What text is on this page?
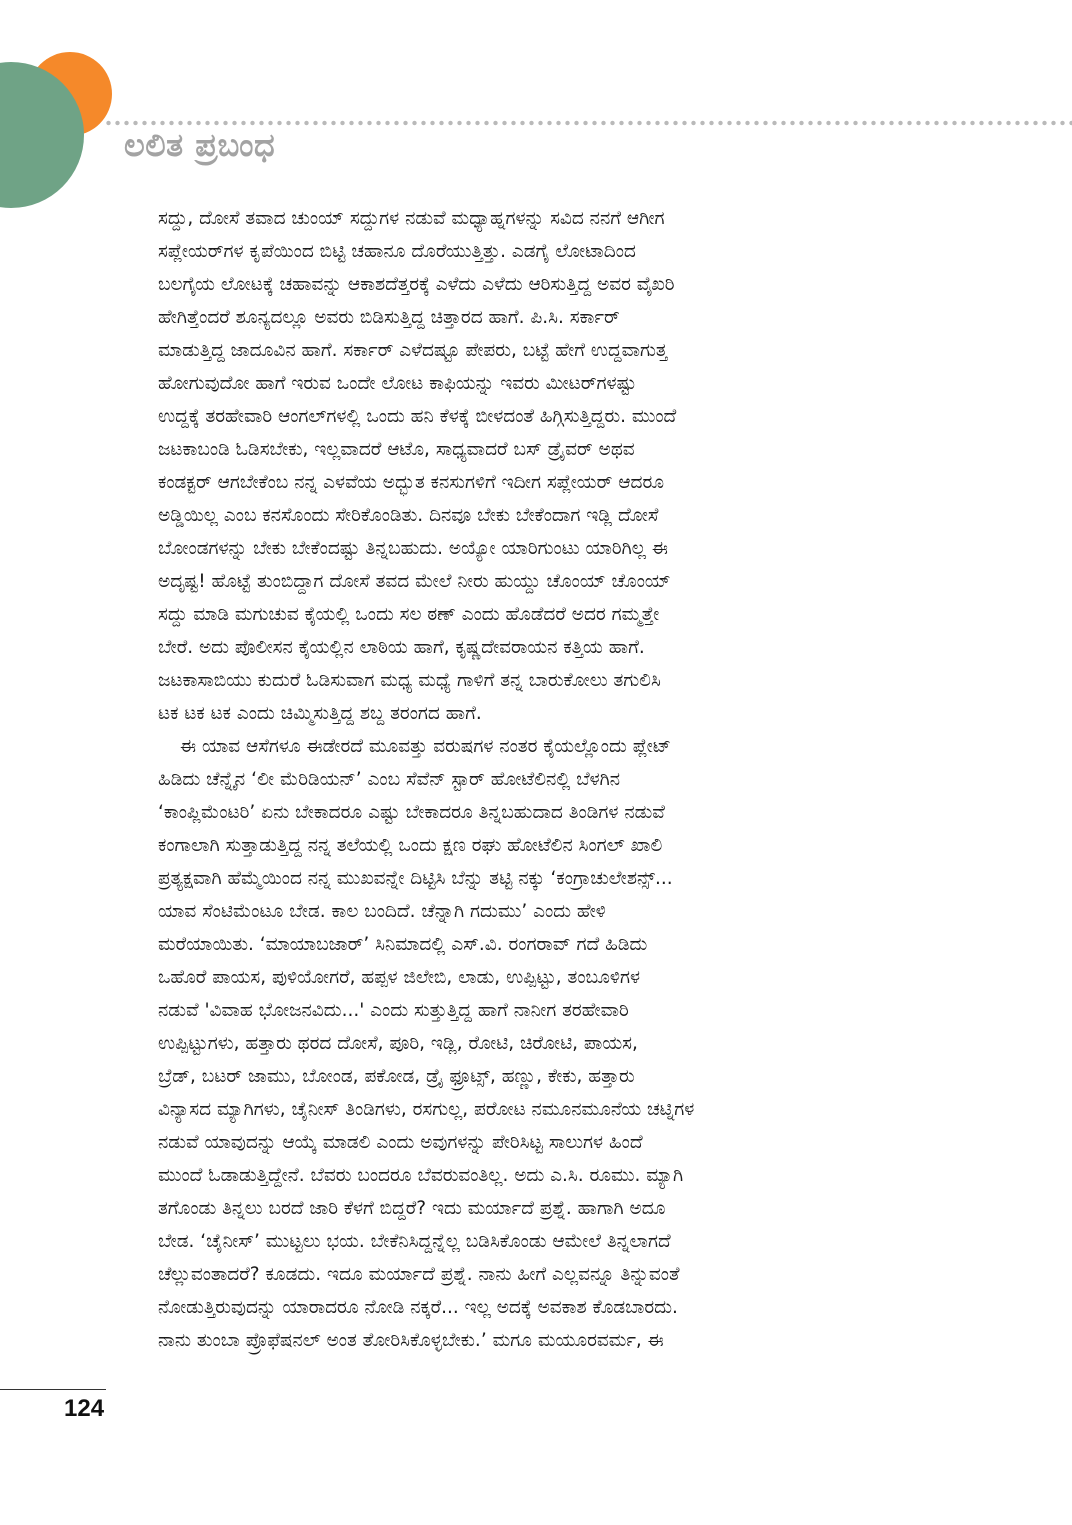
ಲಲಿತ ಪ್ರಬಂಧ
ಸದ್ದು, ದೋಸೆ ತವಾದ ಚುಂಯ್ ಸದ್ದುಗಳ ನಡುವೆ ಮಧ್ಯಾಹ್ನಗಳನ್ನು ಸವಿದ ನನಗೆ ಆಗೀಗ
ಸಪ್ಲೇಯರ್‌ಗಳ ಕೃಪೆಯಿಂದ ಬಿಟ್ಟಿ ಚಹಾನೂ ದೊರೆಯುತ್ತಿತ್ತು. ಎಡಗೈ ಲೋಟಾದಿಂದ
ಬಲಗೈಯ ಲೋಟಕ್ಕೆ ಚಹಾವನ್ನು ಆಕಾಶದೆತ್ತರಕ್ಕೆ ಎಳೆದು ಎಳೆದು ಆರಿಸುತ್ತಿದ್ದ ಅವರ ವೈಖರಿ
ಹೇಗಿತ್ತೆಂದರೆ ಶೂನ್ಯದಲ್ಲೂ ಅವರು ಬಿಡಿಸುತ್ತಿದ್ದ ಚಿತ್ತಾರದ ಹಾಗೆ. ಪಿ.ಸಿ. ಸರ್ಕಾರ್
ಮಾಡುತ್ತಿದ್ದ ಜಾದೂವಿನ ಹಾಗೆ. ಸರ್ಕಾರ್ ಎಳೆದಷ್ಟೂ ಪೇಪರು, ಬಟ್ಟೆ ಹೇಗೆ ಉದ್ದವಾಗುತ್ತ
ಹೋಗುವುದೋ ಹಾಗೆ ಇರುವ ಒಂದೇ ಲೋಟ ಕಾಫಿಯನ್ನು ಇವರು ಮೀಟರ್‌ಗಳಷ್ಟು
ಉದ್ದಕ್ಕೆ ತರಹೇವಾರಿ ಆಂಗಲ್‌ಗಳಲ್ಲಿ ಒಂದು ಹನಿ ಕೆಳಕ್ಕೆ ಬೀಳದಂತೆ ಹಿಗ್ಗಿಸುತ್ತಿದ್ದರು. ಮುಂದೆ
ಜಟಕಾಬಂಡಿ ಓಡಿಸಬೇಕು, ಇಲ್ಲವಾದರೆ ಆಟೊ, ಸಾಧ್ಯವಾದರೆ ಬಸ್ ಡ್ರೈವರ್ ಅಥವ
ಕಂಡಕ್ಟರ್ ಆಗಬೇಕೆಂಬ ನನ್ನ ಎಳವೆಯ ಅದ್ಭುತ ಕನಸುಗಳಿಗೆ ಇದೀಗ ಸಪ್ಲೇಯರ್ ಆದರೂ
ಅಡ್ಡಿಯಿಲ್ಲ ಎಂಬ ಕನಸೊಂದು ಸೇರಿಕೊಂಡಿತು. ದಿನವೂ ಬೇಕು ಬೇಕೆಂದಾಗ ಇಡ್ಲಿ ದೋಸೆ
ಬೋಂಡಗಳನ್ನು ಬೇಕು ಬೇಕೆಂದಷ್ಟು ತಿನ್ನಬಹುದು. ಅಯ್ಯೋ ಯಾರಿಗುಂಟು ಯಾರಿಗಿಲ್ಲ ಈ
ಅದೃಷ್ಟ! ಹೊಟ್ಟೆ ತುಂಬಿದ್ದಾಗ ದೋಸೆ ತವದ ಮೇಲೆ ನೀರು ಹುಯ್ದು ಚೊಂಯ್ ಚೊಂಯ್
ಸದ್ದು ಮಾಡಿ ಮಗುಚುವ ಕೈಯಲ್ಲಿ ಒಂದು ಸಲ ಠಣ್ ಎಂದು ಹೊಡೆದರೆ ಅದರ ಗಮ್ಮತ್ತೇ
ಬೇರೆ. ಅದು ಪೊಲೀಸನ ಕೈಯಲ್ಲಿನ ಲಾಠಿಯ ಹಾಗೆ, ಕೃಷ್ಣದೇವರಾಯನ ಕತ್ತಿಯ ಹಾಗೆ.
ಜಟಕಾಸಾಬಿಯು ಕುದುರೆ ಓಡಿಸುವಾಗ ಮಧ್ಯ ಮಧ್ಯೆ ಗಾಳಿಗೆ ತನ್ನ ಬಾರುಕೋಲು ತಗುಲಿಸಿ
ಟಕ ಟಕ ಟಕ ಎಂದು ಚಿಮ್ಮಿಸುತ್ತಿದ್ದ ಶಬ್ದ ತರಂಗದ ಹಾಗೆ.
ಈ ಯಾವ ಆಸೆಗಳೂ ಈಡೇರದೆ ಮೂವತ್ತು ವರುಷಗಳ ನಂತರ ಕೈಯಲ್ಲೊಂದು ಪ್ಲೇಟ್
ಹಿಡಿದು ಚೆನ್ನೈನ ‘ಲೀ ಮೆರಿಡಿಯನ್’ ಎಂಬ ಸೆವೆನ್ ಸ್ಟಾರ್ ಹೋಟೆಲಿನಲ್ಲಿ ಬೆಳಗಿನ
‘ಕಾಂಪ್ಲಿಮೆಂಟರಿ’ ಏನು ಬೇಕಾದರೂ ಎಷ್ಟು ಬೇಕಾದರೂ ತಿನ್ನಬಹುದಾದ ತಿಂಡಿಗಳ ನಡುವೆ
ಕಂಗಾಲಾಗಿ ಸುತ್ತಾಡುತ್ತಿದ್ದ ನನ್ನ ತಲೆಯಲ್ಲಿ ಒಂದು ಕ್ಷಣ ರಘು ಹೋಟೆಲಿನ ಸಿಂಗಲ್ ಖಾಲಿ
ಪ್ರತ್ಯಕ್ಷವಾಗಿ ಹೆಮ್ಮೆಯಿಂದ ನನ್ನ ಮುಖವನ್ನೇ ದಿಟ್ಟಿಸಿ ಬೆನ್ನು ತಟ್ಟಿ ನಕ್ಕು ‘ಕಂಗ್ರಾಚುಲೇಶನ್ಸ್...
ಯಾವ ಸೆಂಟಿಮೆಂಟೂ ಬೇಡ. ಕಾಲ ಬಂದಿದೆ. ಚೆನ್ನಾಗಿ ಗದುಮು’ ಎಂದು ಹೇಳಿ
ಮರೆಯಾಯಿತು. ‘ಮಾಯಾಬಜಾರ್’ ಸಿನಿಮಾದಲ್ಲಿ ಎಸ್.ವಿ. ರಂಗರಾವ್ ಗದೆ ಹಿಡಿದು
ಒಹೊರೆ ಪಾಯಸ, ಪುಳಿಯೋಗರೆ, ಹಪ್ಪಳ ಜಿಲೇಬಿ, ಲಾಡು, ಉಪ್ಪಿಟ್ಟು, ತಂಬೂಳಿಗಳ
ನಡುವೆ 'ವಿವಾಹ ಭೋಜನವಿದು...' ಎಂದು ಸುತ್ತುತ್ತಿದ್ದ ಹಾಗೆ ನಾನೀಗ ತರಹೇವಾರಿ
ಉಪ್ಪಿಟ್ಟುಗಳು, ಹತ್ತಾರು ಥರದ ದೋಸೆ, ಪೂರಿ, ಇಡ್ಲಿ, ರೋಟಿ, ಚಿರೋಟಿ, ಪಾಯಸ,
ಬ್ರೆಡ್, ಬಟರ್ ಜಾಮು, ಬೋಂಡ, ಪಕೋಡ, ಡ್ರೈ ಫ್ರೂಟ್ಸ್, ಹಣ್ಣು, ಕೇಕು, ಹತ್ತಾರು
ವಿನ್ಯಾಸದ ಮ್ಯಾಗಿಗಳು, ಚೈನೀಸ್ ತಿಂಡಿಗಳು, ರಸಗುಲ್ಲ, ಪರೋಟ ನಮೂನಮೂನೆಯ ಚಟ್ನಿಗಳ
ನಡುವೆ ಯಾವುದನ್ನು ಆಯ್ಕೆ ಮಾಡಲಿ ಎಂದು ಅವುಗಳನ್ನು ಪೇರಿಸಿಟ್ಟ ಸಾಲುಗಳ ಹಿಂದೆ
ಮುಂದೆ ಓಡಾಡುತ್ತಿದ್ದೇನೆ. ಬೆವರು ಬಂದರೂ ಬೆವರುವಂತಿಲ್ಲ. ಅದು ಎ.ಸಿ. ರೂಮು. ಮ್ಯಾಗಿ
ತಗೊಂಡು ತಿನ್ನಲು ಬರದೆ ಜಾರಿ ಕೆಳಗೆ ಬಿದ್ದರೆ? ಇದು ಮರ್ಯಾದೆ ಪ್ರಶ್ನೆ. ಹಾಗಾಗಿ ಅದೂ
ಬೇಡ. ‘ಚೈನೀಸ್’ ಮುಟ್ಟಲು ಭಯ. ಬೇಕೆನಿಸಿದ್ದನ್ನೆಲ್ಲ ಬಡಿಸಿಕೊಂಡು ಆಮೇಲೆ ತಿನ್ನಲಾಗದೆ
ಚೆಲ್ಲುವಂತಾದರೆ? ಕೂಡದು. ಇದೂ ಮರ್ಯಾದೆ ಪ್ರಶ್ನೆ. ನಾನು ಹೀಗೆ ಎಲ್ಲವನ್ನೂ ತಿನ್ನುವಂತೆ
ನೋಡುತ್ತಿರುವುದನ್ನು ಯಾರಾದರೂ ನೋಡಿ ನಕ್ಕರೆ... ಇಲ್ಲ ಅದಕ್ಕೆ ಅವಕಾಶ ಕೊಡಬಾರದು.
ನಾನು ತುಂಬಾ ಪ್ರೊಫೆಷನಲ್ ಅಂತ ತೋರಿಸಿಕೊಳ್ಳಬೇಕು.’ ಮಗೂ ಮಯೂರವರ್ಮ, ಈ
124
